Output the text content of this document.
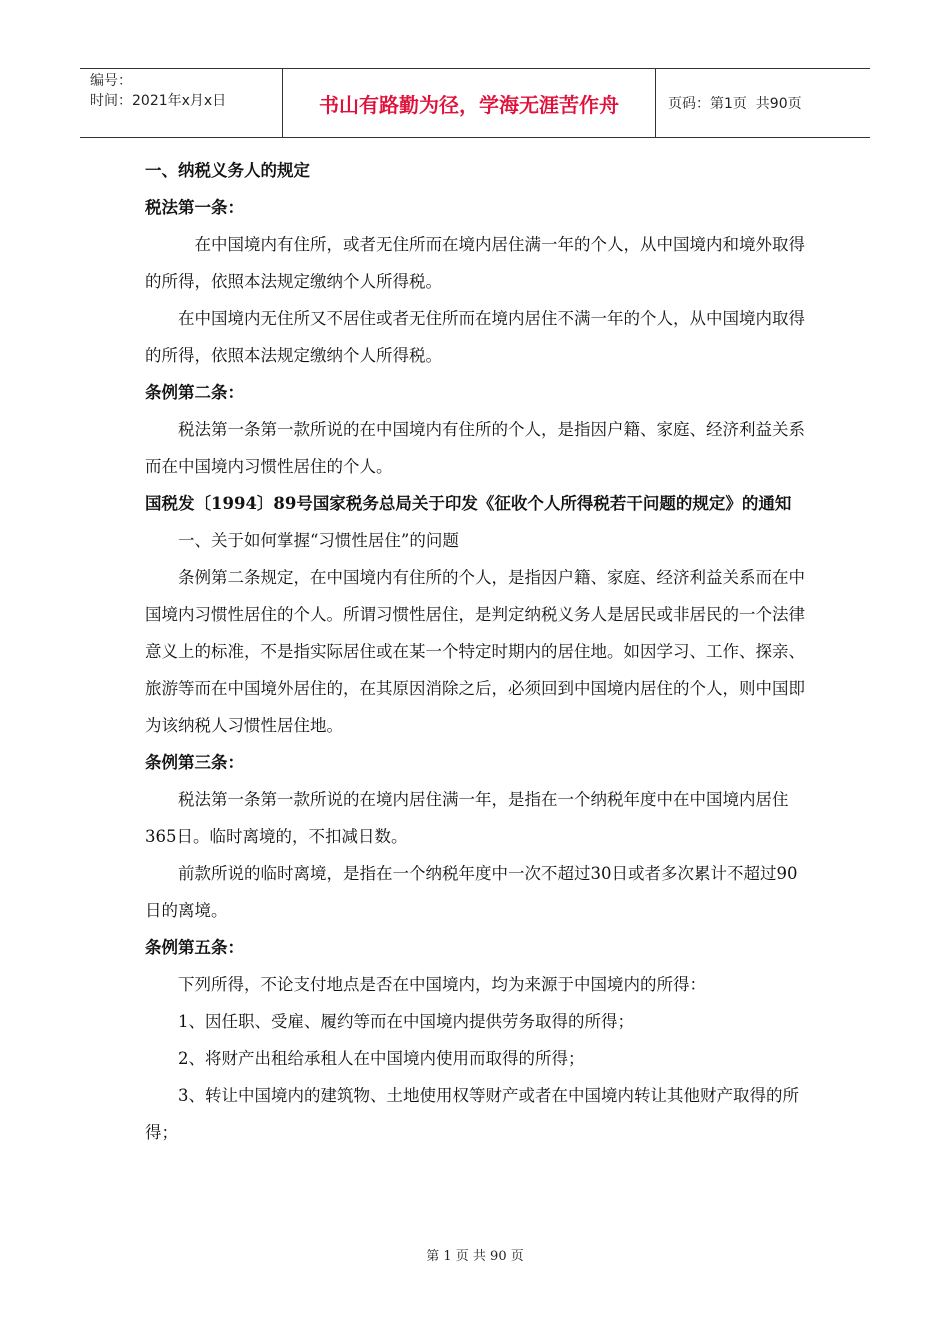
编号：
时间：2021年x月x日	书山有路勤为径，学海无涯苦作舟	页码：第1页  共90页

一、纳税义务人的规定

税法第一条：

在中国境内有住所，或者无住所而在境内居住满一年的个人，从中国境内和境外取得的所得，依照本法规定缴纳个人所得税。

在中国境内无住所又不居住或者无住所而在境内居住不满一年的个人，从中国境内取得的所得，依照本法规定缴纳个人所得税。

条例第二条：

税法第一条第一款所说的在中国境内有住所的个人，是指因户籍、家庭、经济利益关系而在中国境内习惯性居住的个人。

国税发〔1994〕89号国家税务总局关于印发《征收个人所得税若干问题的规定》的通知

一、关于如何掌握“习惯性居住”的问题

条例第二条规定，在中国境内有住所的个人，是指因户籍、家庭、经济利益关系而在中国境内习惯性居住的个人。所谓习惯性居住，是判定纳税义务人是居民或非居民的一个法律意义上的标准，不是指实际居住或在某一个特定时期内的居住地。如因学习、工作、探亲、旅游等而在中国境外居住的，在其原因消除之后，必须回到中国境内居住的个人，则中国即为该纳税人习惯性居住地。

条例第三条：

税法第一条第一款所说的在境内居住满一年，是指在一个纳税年度中在中国境内居住365日。临时离境的，不扣减日数。

前款所说的临时离境，是指在一个纳税年度中一次不超过30日或者多次累计不超过90日的离境。

条例第五条：

下列所得，不论支付地点是否在中国境内，均为来源于中国境内的所得：

1、因任职、受雇、履约等而在中国境内提供劳务取得的所得；

2、将财产出租给承租人在中国境内使用而取得的所得；

3、转让中国境内的建筑物、土地使用权等财产或者在中国境内转让其他财产取得的所得；

第 1 页 共 90 页
